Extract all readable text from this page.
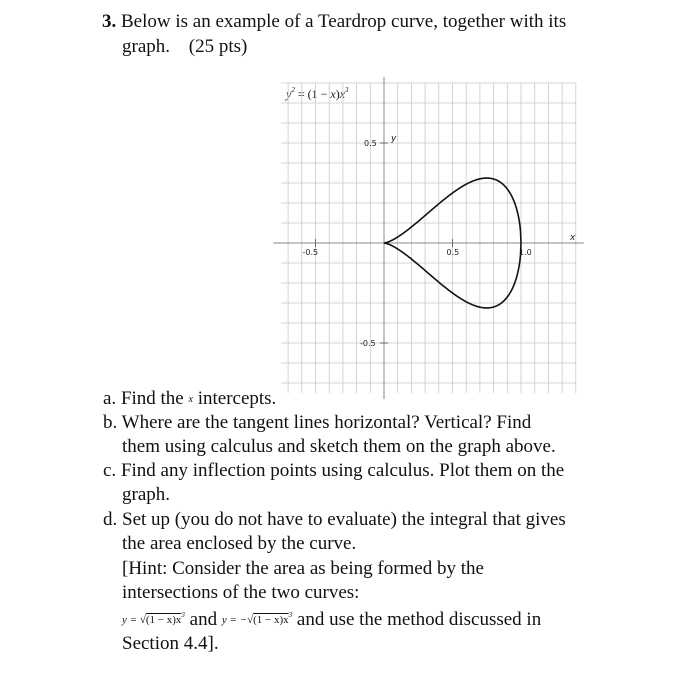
3. Below is an example of a Teardrop curve, together with its
graph. (25 pts)
$y^2 = (1 - x)x^3$
-0.5	0.5	1.0
0.5
-0.5
x
y
a. Find the x intercepts.
b. Where are the tangent lines horizontal? Vertical? Find
them using calculus and sketch them on the graph above.
c. Find any inflection points using calculus. Plot them on the
graph.
d. Set up (you do not have to evaluate) the integral that gives
the area enclosed by the curve.
[Hint: Consider the area as being formed by the
intersections of the two curves:
$y = √(1 - x)x^3$ and $y = -√(1 - x)x^3$ and use the method discussed in
Section 4.4].
